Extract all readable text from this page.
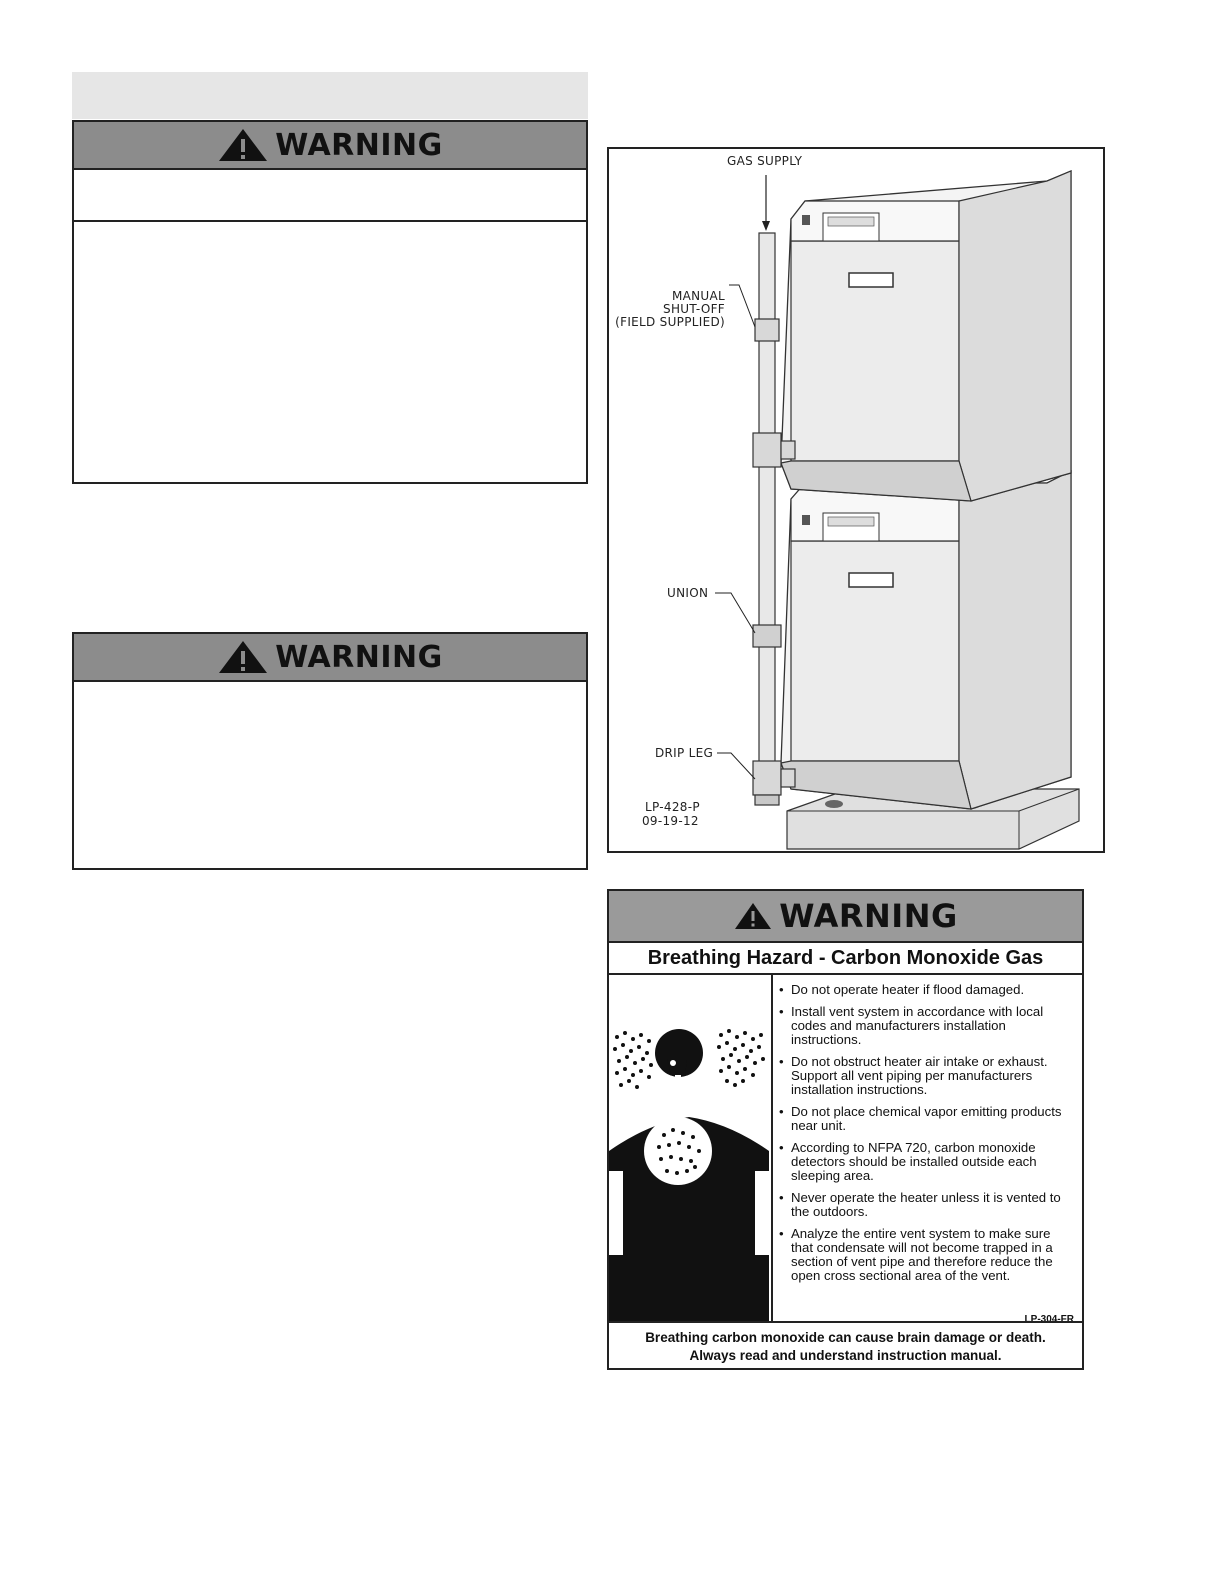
WARNING
WARNING
GAS SUPPLY
MANUAL
SHUT-OFF
(FIELD SUPPLIED)
UNION
DRIP LEG
LP-428-P
09-19-12
WARNING
Breathing Hazard - Carbon Monoxide Gas
• Do not operate heater if flood damaged.
• Install vent system in accordance with local codes and manufacturers installation instructions.
• Do not obstruct heater air intake or exhaust. Support all vent piping per manufacturers installation instructions.
• Do not place chemical vapor emitting products near unit.
• According to NFPA 720, carbon monoxide detectors should be installed outside each sleeping area.
• Never operate the heater unless it is vented to the outdoors.
• Analyze the entire vent system to make sure that condensate will not become trapped in a section of vent pipe and therefore reduce the open cross sectional area of the vent.
LP-304-FR
Breathing carbon monoxide can cause brain damage or death.
Always read and understand instruction manual.
